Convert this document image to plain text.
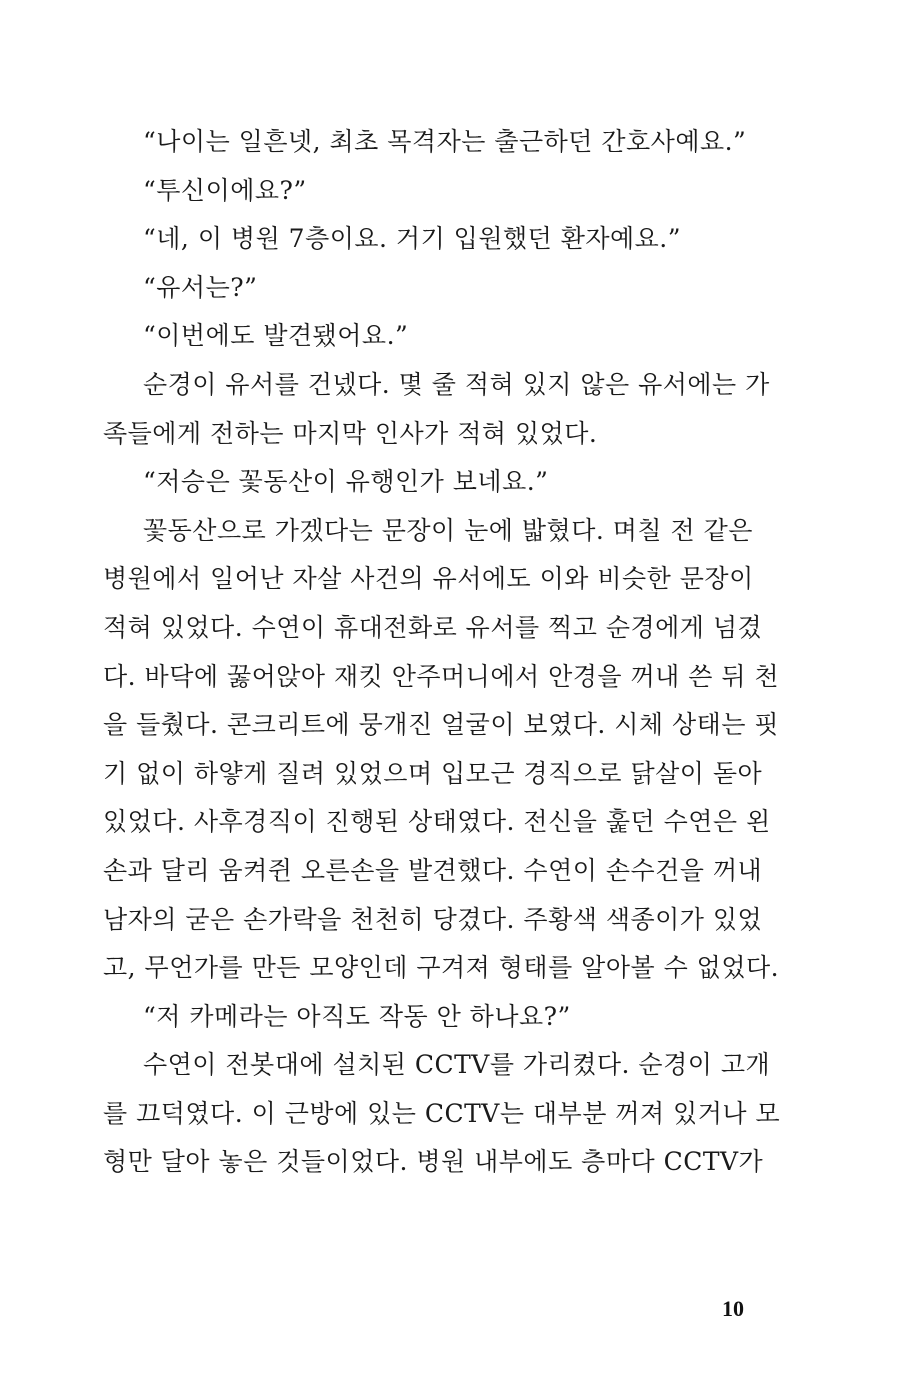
“나이는 일흔넷, 최초 목격자는 출근하던 간호사예요.”
“투신이에요?”
“네, 이 병원 7층이요. 거기 입원했던 환자예요.”
“유서는?”
“이번에도 발견됐어요.”
순경이 유서를 건넸다. 몇 줄 적혀 있지 않은 유서에는 가
족들에게 전하는 마지막 인사가 적혀 있었다.
“저승은 꽃동산이 유행인가 보네요.”
꽃동산으로 가겠다는 문장이 눈에 밟혔다. 며칠 전 같은
병원에서 일어난 자살 사건의 유서에도 이와 비슷한 문장이
적혀 있었다. 수연이 휴대전화로 유서를 찍고 순경에게 넘겼
다. 바닥에 꿇어앉아 재킷 안주머니에서 안경을 꺼내 쓴 뒤 천
을 들췄다. 콘크리트에 뭉개진 얼굴이 보였다. 시체 상태는 핏
기 없이 하얗게 질려 있었으며 입모근 경직으로 닭살이 돋아
있었다. 사후경직이 진행된 상태였다. 전신을 훑던 수연은 왼
손과 달리 움켜쥔 오른손을 발견했다. 수연이 손수건을 꺼내
남자의 굳은 손가락을 천천히 당겼다. 주황색 색종이가 있었
고, 무언가를 만든 모양인데 구겨져 형태를 알아볼 수 없었다.
“저 카메라는 아직도 작동 안 하나요?”
수연이 전봇대에 설치된 CCTV를 가리켰다. 순경이 고개
를 끄덕였다. 이 근방에 있는 CCTV는 대부분 꺼져 있거나 모
형만 달아 놓은 것들이었다. 병원 내부에도 층마다 CCTV가
10
